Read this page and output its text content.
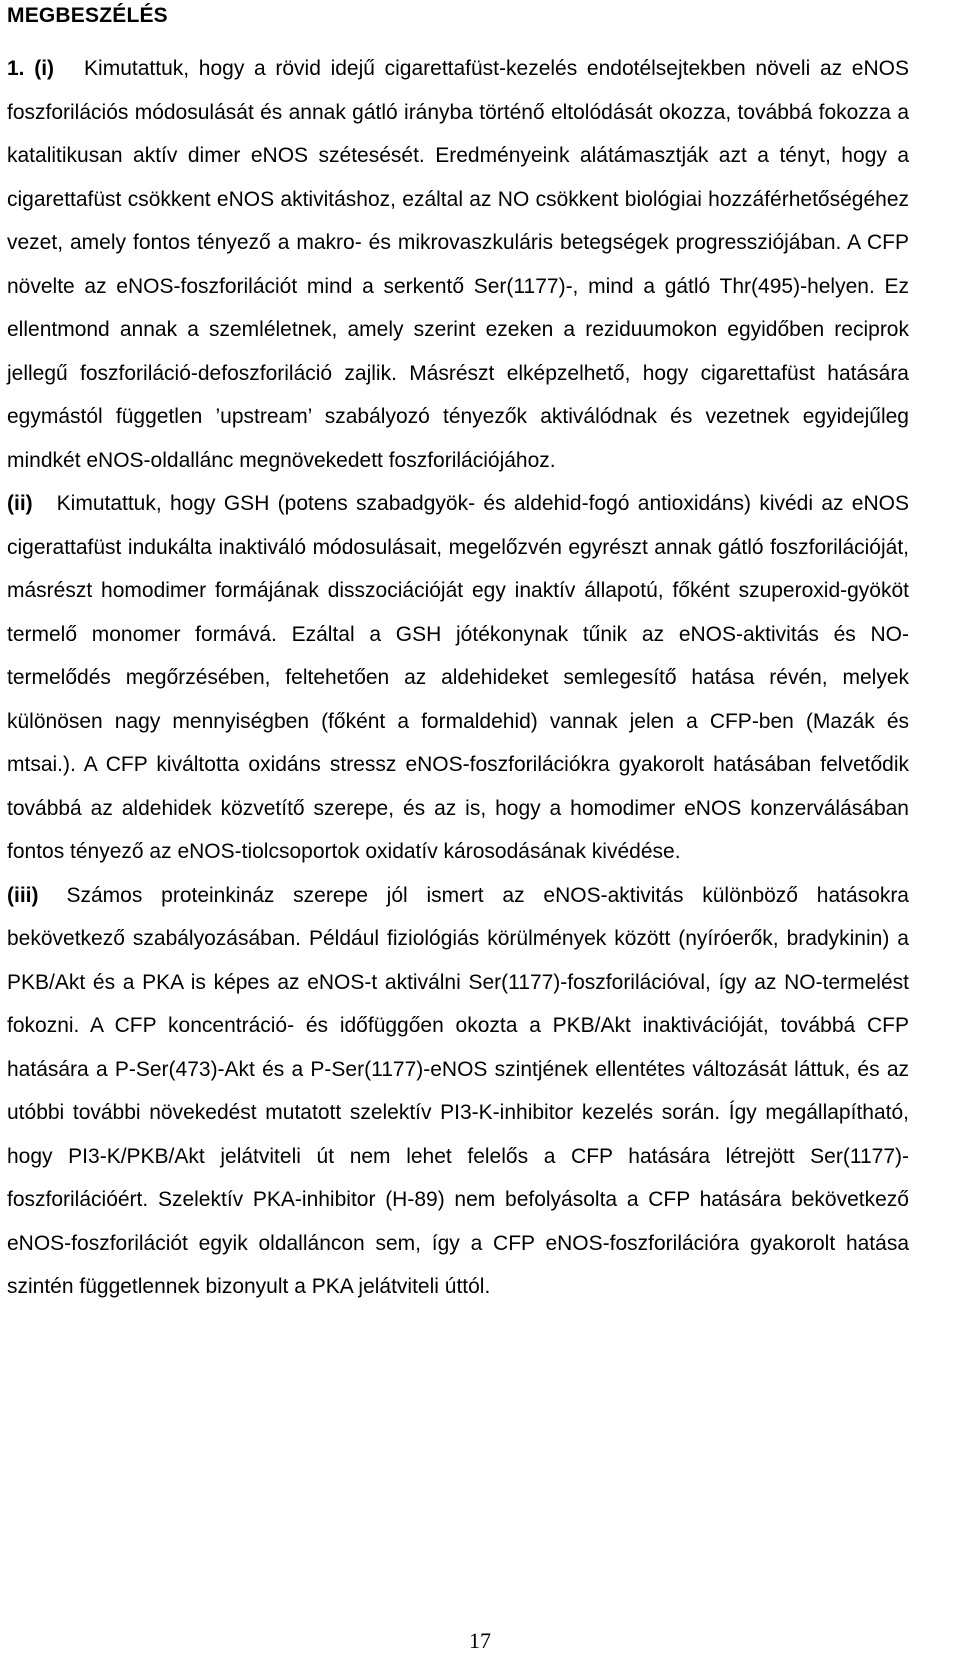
MEGBESZÉLÉS

1. (i) Kimutattuk, hogy a rövid idejű cigarettafüst-kezelés endotélsejtekben növeli az eNOS foszforilációs módosulását és annak gátló irányba történő eltolódását okozza, továbbá fokozza a katalitikusan aktív dimer eNOS szétesését. Eredményeink alátámasztják azt a tényt, hogy a cigarettafüst csökkent eNOS aktivitáshoz, ezáltal az NO csökkent biológiai hozzáférhetőségéhez vezet, amely fontos tényező a makro- és mikrovaszkuláris betegségek progressziójában. A CFP növelte az eNOS-foszforilációt mind a serkentő Ser(1177)-, mind a gátló Thr(495)-helyen. Ez ellentmond annak a szemléletnek, amely szerint ezeken a reziduumokon egyidőben reciprok jellegű foszforiláció-defoszforiláció zajlik. Másrészt elképzelhető, hogy cigarettafüst hatására egymástól független ’upstream’ szabályozó tényezők aktiválódnak és vezetnek egyidejűleg mindkét eNOS-oldallánc megnövekedett foszforilációjához.

(ii) Kimutattuk, hogy GSH (potens szabadgyök- és aldehid-fogó antioxidáns) kivédi az eNOS cigerattafüst indukálta inaktiváló módosulásait, megelőzvén egyrészt annak gátló foszforilációját, másrészt homodimer formájának disszociációját egy inaktív állapotú, főként szuperoxid-gyököt termelő monomer formává. Ezáltal a GSH jótékonynak tűnik az eNOS-aktivitás és NO-termelődés megőrzésében, feltehetően az aldehideket semlegesítő hatása révén, melyek különösen nagy mennyiségben (főként a formaldehid) vannak jelen a CFP-ben (Mazák és mtsai.). A CFP kiváltotta oxidáns stressz eNOS-foszforilációkra gyakorolt hatásában felvetődik továbbá az aldehidek közvetítő szerepe, és az is, hogy a homodimer eNOS konzerválásában fontos tényező az eNOS-tiolcsoportok oxidatív károsodásának kivédése.

(iii) Számos proteinkináz szerepe jól ismert az eNOS-aktivitás különböző hatásokra bekövetkező szabályozásában. Például fiziológiás körülmények között (nyíróerők, bradykinin) a PKB/Akt és a PKA is képes az eNOS-t aktiválni Ser(1177)-foszforilációval, így az NO-termelést fokozni. A CFP koncentráció- és időfüggően okozta a PKB/Akt inaktivációját, továbbá CFP hatására a P-Ser(473)-Akt és a P-Ser(1177)-eNOS szintjének ellentétes változását láttuk, és az utóbbi további növekedést mutatott szelektív PI3-K-inhibitor kezelés során. Így megállapítható, hogy PI3-K/PKB/Akt jelátviteli út nem lehet felelős a CFP hatására létrejött Ser(1177)-foszforilációért. Szelektív PKA-inhibitor (H-89) nem befolyásolta a CFP hatására bekövetkező eNOS-foszforilációt egyik oldalláncon sem, így a CFP eNOS-foszforilációra gyakorolt hatása szintén függetlennek bizonyult a PKA jelátviteli úttól.

17
